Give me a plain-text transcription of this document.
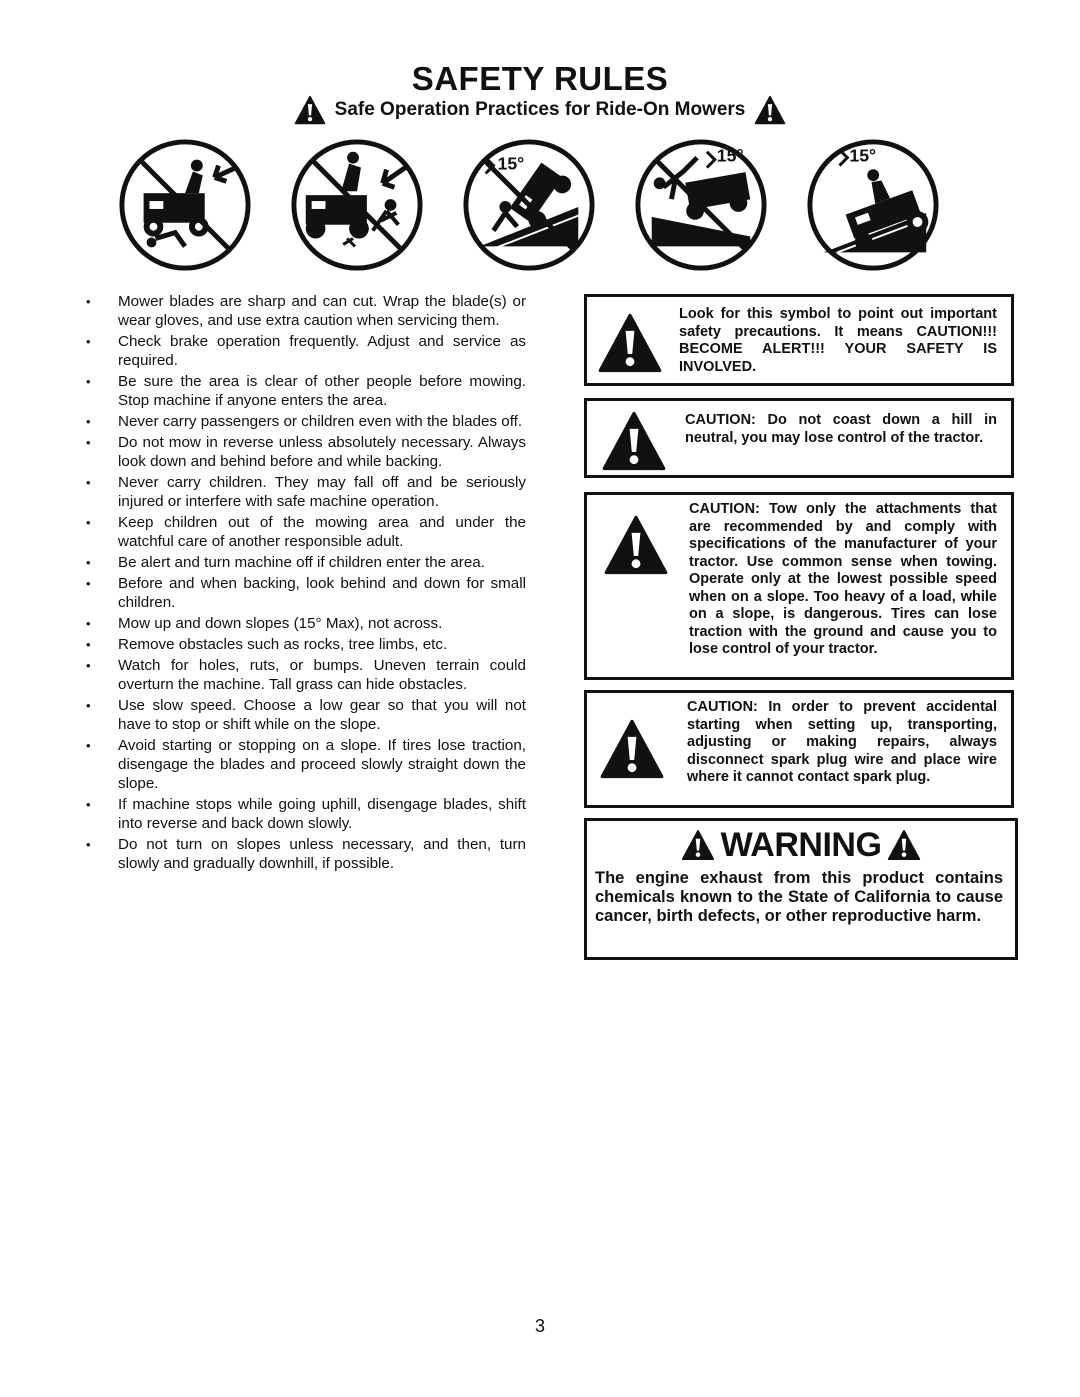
SAFETY RULES
Safe Operation Practices for Ride-On Mowers
15°	15°	15°
• Mower blades are sharp and can cut. Wrap the blade(s) or wear gloves, and use extra caution when servicing them.
• Check brake operation frequently. Adjust and service as required.
• Be sure the area is clear of other people before mowing. Stop machine if anyone enters the area.
• Never carry passengers or children even with the blades off.
• Do not mow in reverse unless absolutely necessary. Always look down and behind before and while backing.
• Never carry children. They may fall off and be seriously injured or interfere with safe machine operation.
• Keep children out of the mowing area and under the watchful care of another responsible adult.
• Be alert and turn machine off if children enter the area.
• Before and when backing, look behind and down for small children.
• Mow up and down slopes (15° Max), not across.
• Remove obstacles such as rocks, tree limbs, etc.
• Watch for holes, ruts, or bumps. Uneven terrain could overturn the machine. Tall grass can hide obstacles.
• Use slow speed. Choose a low gear so that you will not have to stop or shift while on the slope.
• Avoid starting or stopping on a slope. If tires lose traction, disengage the blades and proceed slowly straight down the slope.
• If machine stops while going uphill, disengage blades, shift into reverse and back down slowly.
• Do not turn on slopes unless necessary, and then, turn slowly and gradually downhill, if possible.
Look for this symbol to point out important safety precautions. It means CAUTION!!! BECOME ALERT!!! YOUR SAFETY IS INVOLVED.
CAUTION: Do not coast down a hill in neutral, you may lose control of the tractor.
CAUTION: Tow only the attachments that are recommended by and comply with specifications of the manufacturer of your tractor. Use common sense when towing. Operate only at the lowest possible speed when on a slope. Too heavy of a load, while on a slope, is dangerous. Tires can lose traction with the ground and cause you to lose control of your tractor.
CAUTION: In order to prevent accidental starting when setting up, transporting, adjusting or making repairs, always disconnect spark plug wire and place wire where it cannot contact spark plug.
WARNING
The engine exhaust from this product contains chemicals known to the State of California to cause cancer, birth defects, or other reproductive harm.
3
